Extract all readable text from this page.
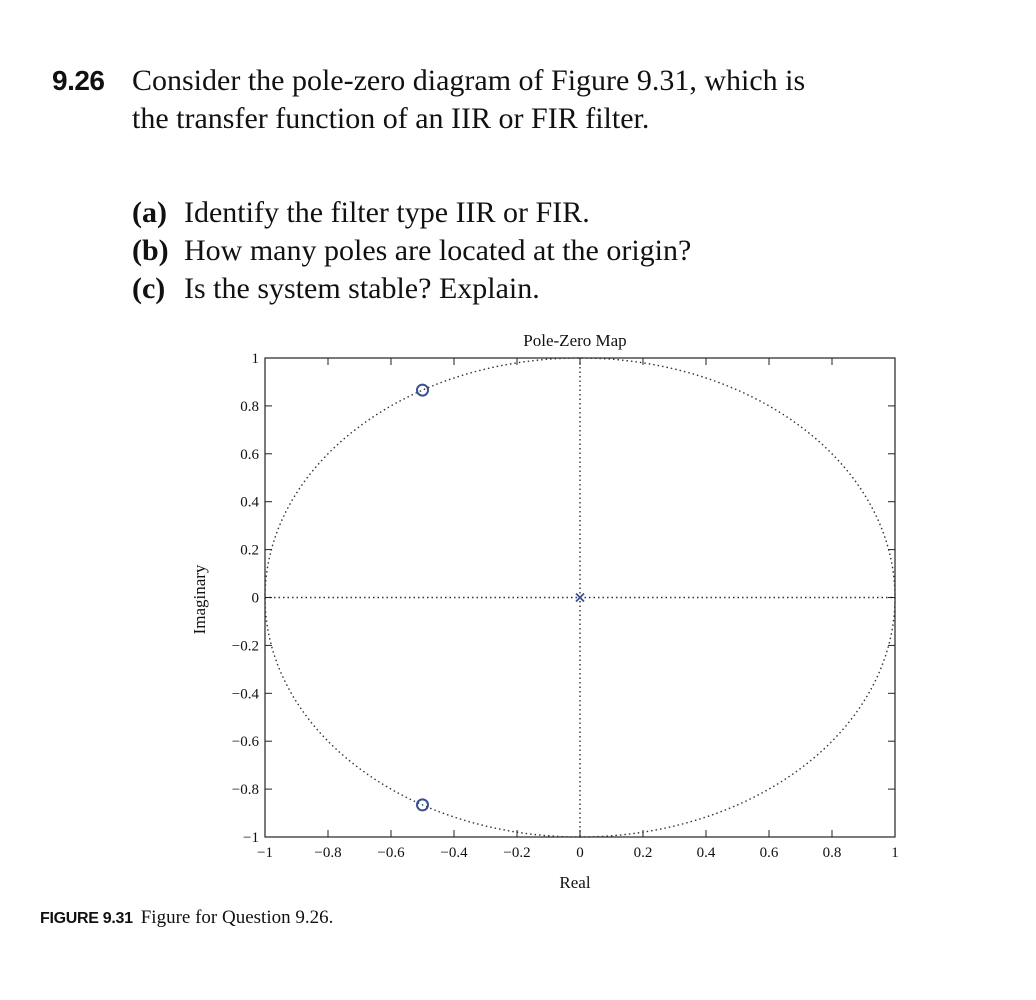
9.26 Consider the pole-zero diagram of Figure 9.31, which is the transfer function of an IIR or FIR filter.
(a) Identify the filter type IIR or FIR.
(b) How many poles are located at the origin?
(c) Is the system stable? Explain.
−1	−0.8 −0.6 −0.4 −0.2	0	0.2	0.4	0.6	0.8	1
−1
−0.8
−0.6
−0.4
−0.2
0
0.2
0.4
0.6
0.8
1
Pole-Zero Map
Real
Imaginary
FIGURE 9.31 Figure for Question 9.26.
